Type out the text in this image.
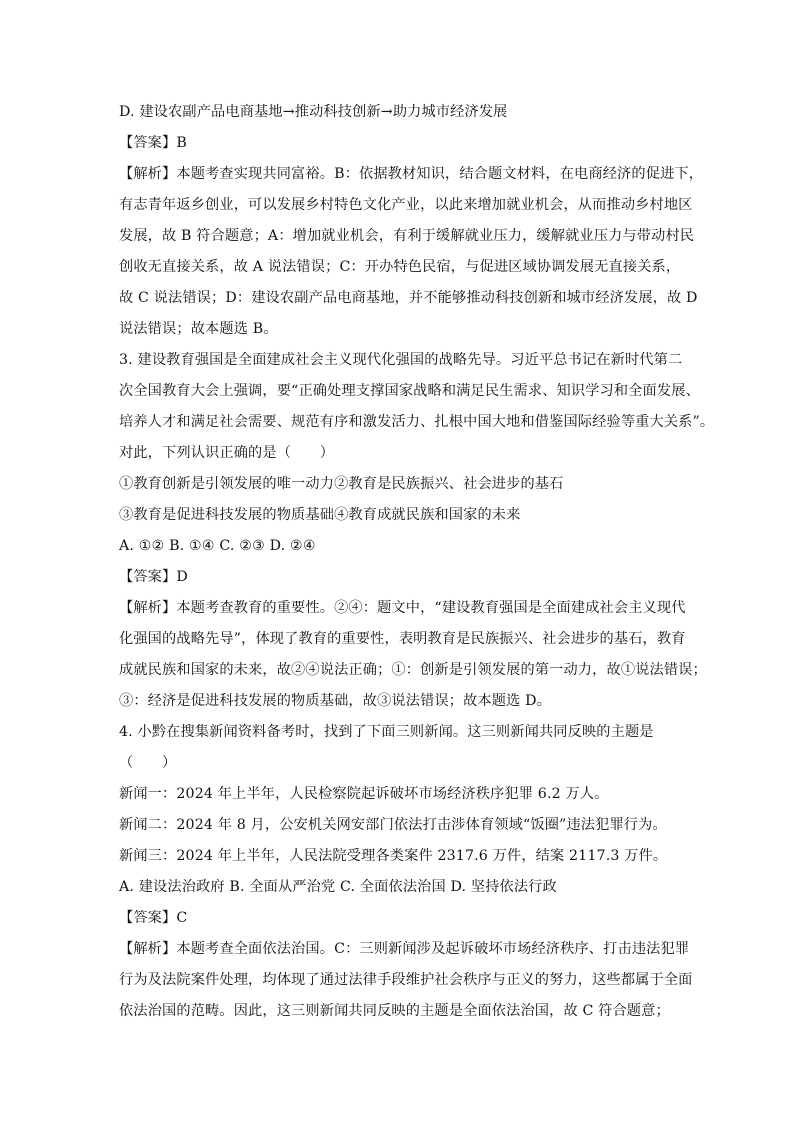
D. 建设农副产品电商基地→推动科技创新→助力城市经济发展
【答案】B
【解析】本题考查实现共同富裕。B：依据教材知识，结合题文材料，在电商经济的促进下，
有志青年返乡创业，可以发展乡村特色文化产业，以此来增加就业机会，从而推动乡村地区
发展，故 B 符合题意；A：增加就业机会，有利于缓解就业压力，缓解就业压力与带动村民
创收无直接关系，故 A 说法错误；C：开办特色民宿，与促进区域协调发展无直接关系，
故 C 说法错误；D：建设农副产品电商基地，并不能够推动科技创新和城市经济发展，故 D
说法错误；故本题选 B。
3. 建设教育强国是全面建成社会主义现代化强国的战略先导。习近平总书记在新时代第二
次全国教育大会上强调，要“正确处理支撑国家战略和满足民生需求、知识学习和全面发展、
培养人才和满足社会需要、规范有序和激发活力、扎根中国大地和借鉴国际经验等重大关系”。
对此，下列认识正确的是（　　）
①教育创新是引领发展的唯一动力②教育是民族振兴、社会进步的基石
③教育是促进科技发展的物质基础④教育成就民族和国家的未来
A. ①② B. ①④ C. ②③ D. ②④
【答案】D
【解析】本题考查教育的重要性。②④：题文中，“建设教育强国是全面建成社会主义现代
化强国的战略先导”，体现了教育的重要性，表明教育是民族振兴、社会进步的基石，教育
成就民族和国家的未来，故②④说法正确；①：创新是引领发展的第一动力，故①说法错误；
③：经济是促进科技发展的物质基础，故③说法错误；故本题选 D。
4. 小黔在搜集新闻资料备考时，找到了下面三则新闻。这三则新闻共同反映的主题是
（　　）
新闻一：2024 年上半年，人民检察院起诉破坏市场经济秩序犯罪 6.2 万人。
新闻二：2024 年 8 月，公安机关网安部门依法打击涉体育领域“饭圈”违法犯罪行为。
新闻三：2024 年上半年，人民法院受理各类案件 2317.6 万件，结案 2117.3 万件。
A. 建设法治政府 B. 全面从严治党 C. 全面依法治国 D. 坚持依法行政
【答案】C
【解析】本题考查全面依法治国。C：三则新闻涉及起诉破坏市场经济秩序、打击违法犯罪
行为及法院案件处理，均体现了通过法律手段维护社会秩序与正义的努力，这些都属于全面
依法治国的范畴。因此，这三则新闻共同反映的主题是全面依法治国，故 C 符合题意；
